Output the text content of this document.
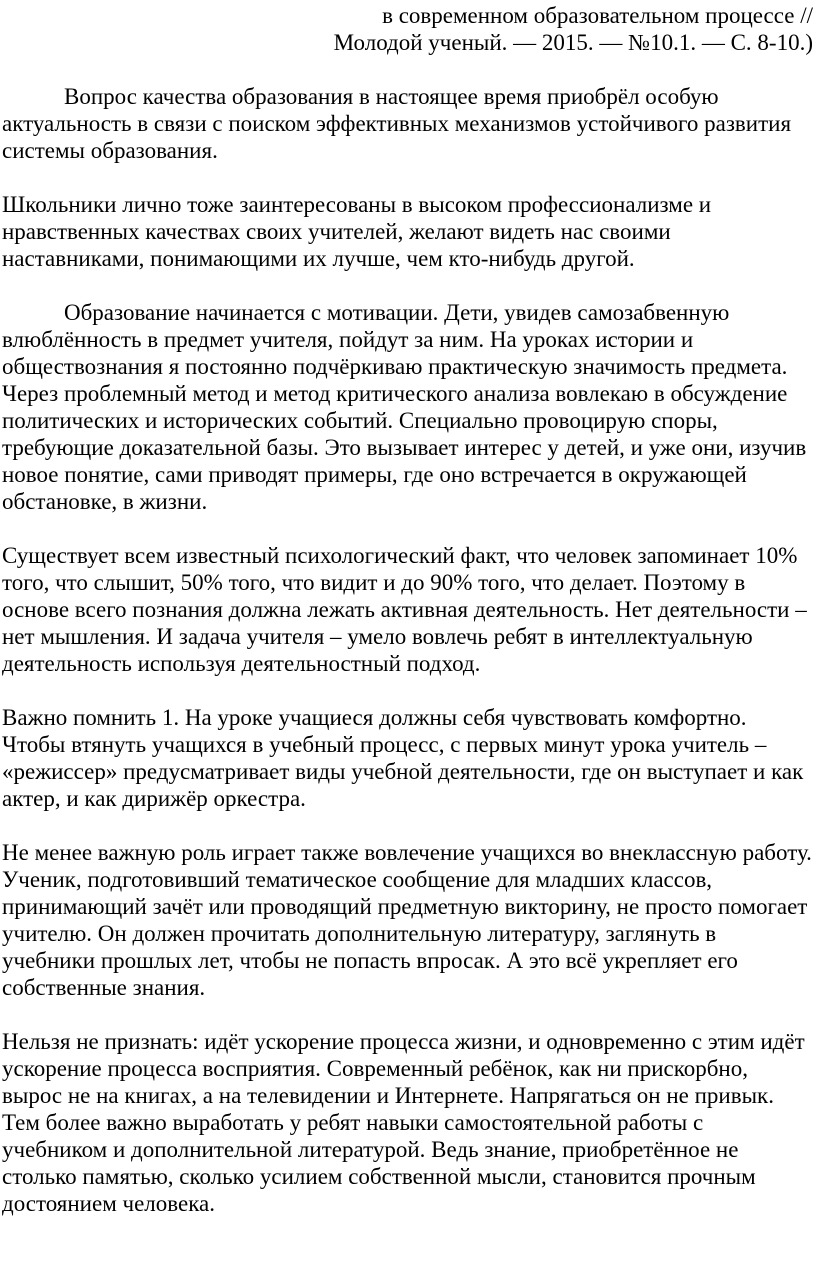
в современном образовательном процессе //
Молодой ученый. — 2015. — №10.1. — С. 8-10.)

Вопрос качества образования в настоящее время приобрёл особую актуальность в связи с поиском эффективных механизмов устойчивого развития системы образования.

Школьники лично тоже заинтересованы в высоком профессионализме и нравственных качествах своих учителей, желают видеть нас своими наставниками, понимающими их лучше, чем кто-нибудь другой.

Образование начинается с мотивации. Дети, увидев самозабвенную влюблённость в предмет учителя, пойдут за ним. На уроках истории и обществознания я постоянно подчёркиваю практическую значимость предмета. Через проблемный метод и метод критического анализа вовлекаю в обсуждение политических и исторических событий. Специально провоцирую споры, требующие доказательной базы. Это вызывает интерес у детей, и уже они, изучив новое понятие, сами приводят примеры, где оно встречается в окружающей обстановке, в жизни.

Существует всем известный психологический факт, что человек запоминает 10% того, что слышит, 50% того, что видит и до 90% того, что делает. Поэтому в основе всего познания должна лежать активная деятельность. Нет деятельности – нет мышления. И задача учителя – умело вовлечь ребят в интеллектуальную деятельность используя деятельностный подход.

Важно помнить 1. На уроке учащиеся должны себя чувствовать комфортно. Чтобы втянуть учащихся в учебный процесс, с первых минут урока учитель – «режиссер» предусматривает виды учебной деятельности, где он выступает и как актер, и как дирижёр оркестра.

Не менее важную роль играет также вовлечение учащихся во внеклассную работу. Ученик, подготовивший тематическое сообщение для младших классов, принимающий зачёт или проводящий предметную викторину, не просто помогает учителю. Он должен прочитать дополнительную литературу, заглянуть в учебники прошлых лет, чтобы не попасть впросак. А это всё укрепляет его собственные знания.

Нельзя не признать: идёт ускорение процесса жизни, и одновременно с этим идёт ускорение процесса восприятия. Современный ребёнок, как ни прискорбно, вырос не на книгах, а на телевидении и Интернете. Напрягаться он не привык. Тем более важно выработать у ребят навыки самостоятельной работы с учебником и дополнительной литературой. Ведь знание, приобретённое не столько памятью, сколько усилием собственной мысли, становится прочным достоянием человека.
